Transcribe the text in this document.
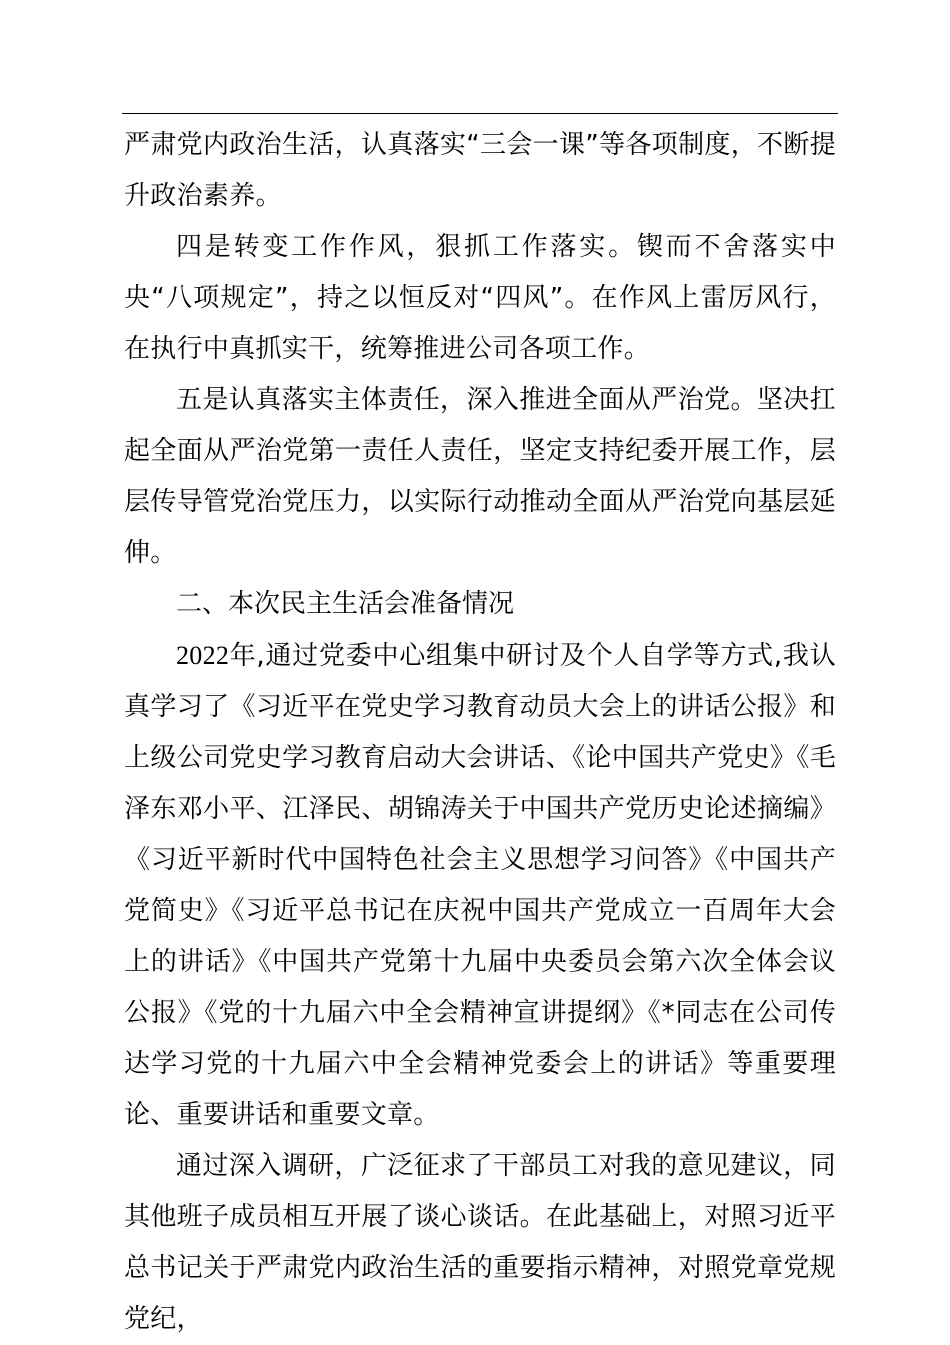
严肃党内政治生活，认真落实“三会一课”等各项制度，不断提升政治素养。

四是转变工作作风，狠抓工作落实。锲而不舍落实中央“八项规定”，持之以恒反对“四风”。在作风上雷厉风行，在执行中真抓实干，统筹推进公司各项工作。

五是认真落实主体责任，深入推进全面从严治党。坚决扛起全面从严治党第一责任人责任，坚定支持纪委开展工作，层层传导管党治党压力，以实际行动推动全面从严治党向基层延伸。

二、本次民主生活会准备情况

2022年,通过党委中心组集中研讨及个人自学等方式,我认真学习了《习近平在党史学习教育动员大会上的讲话公报》和上级公司党史学习教育启动大会讲话、《论中国共产党史》《毛泽东邓小平、江泽民、胡锦涛关于中国共产党历史论述摘编》《习近平新时代中国特色社会主义思想学习问答》《中国共产党简史》《习近平总书记在庆祝中国共产党成立一百周年大会上的讲话》《中国共产党第十九届中央委员会第六次全体会议公报》《党的十九届六中全会精神宣讲提纲》《*同志在公司传达学习党的十九届六中全会精神党委会上的讲话》等重要理论、重要讲话和重要文章。

通过深入调研，广泛征求了干部员工对我的意见建议，同其他班子成员相互开展了谈心谈话。在此基础上，对照习近平总书记关于严肃党内政治生活的重要指示精神，对照党章党规党纪，
